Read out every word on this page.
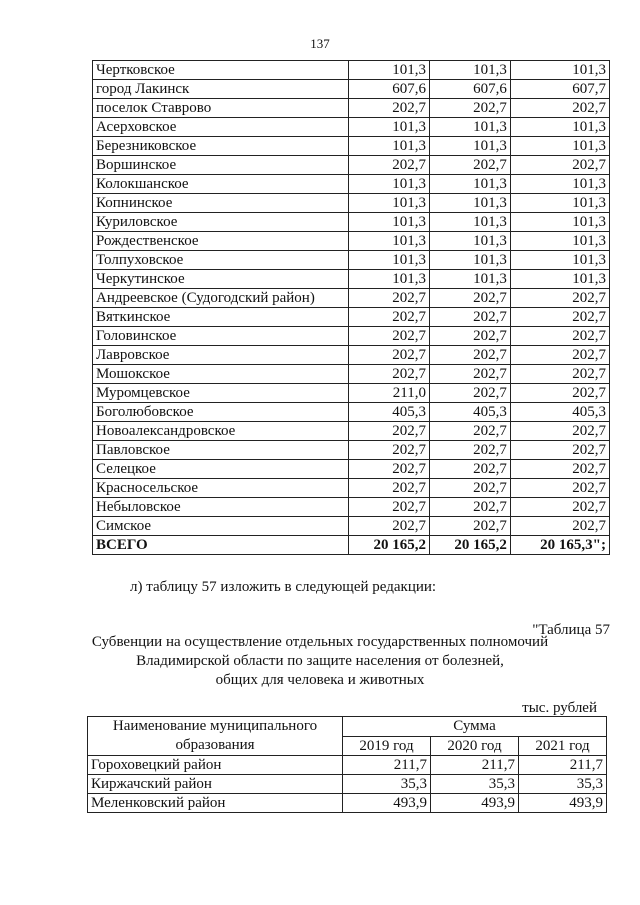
137
Чертковское	101,3	101,3	101,3
город Лакинск	607,6	607,6	607,7
поселок Ставрово	202,7	202,7	202,7
Асерховское	101,3	101,3	101,3
Березниковское	101,3	101,3	101,3
Воршинское	202,7	202,7	202,7
Колокшанское	101,3	101,3	101,3
Копнинское	101,3	101,3	101,3
Куриловское	101,3	101,3	101,3
Рождественское	101,3	101,3	101,3
Толпуховское	101,3	101,3	101,3
Черкутинское	101,3	101,3	101,3
Андреевское (Судогодский район)	202,7	202,7	202,7
Вяткинское	202,7	202,7	202,7
Головинское	202,7	202,7	202,7
Лавровское	202,7	202,7	202,7
Мошокское	202,7	202,7	202,7
Муромцевское	211,0	202,7	202,7
Боголюбовское	405,3	405,3	405,3
Новоалександровское	202,7	202,7	202,7
Павловское	202,7	202,7	202,7
Селецкое	202,7	202,7	202,7
Красносельское	202,7	202,7	202,7
Небыловское	202,7	202,7	202,7
Симское	202,7	202,7	202,7
ВСЕГО	20 165,2	20 165,2	20 165,3";
л) таблицу 57 изложить в следующей редакции:
"Таблица 57
Субвенции на осуществление отдельных государственных полномочий
Владимирской области по защите населения от болезней,
общих для человека и животных
тыс. рублей
Наименование муниципального образования	Сумма		
	2019 год	2020 год	2021 год
Гороховецкий район	211,7	211,7	211,7
Киржачский район	35,3	35,3	35,3
Меленковский район	493,9	493,9	493,9
